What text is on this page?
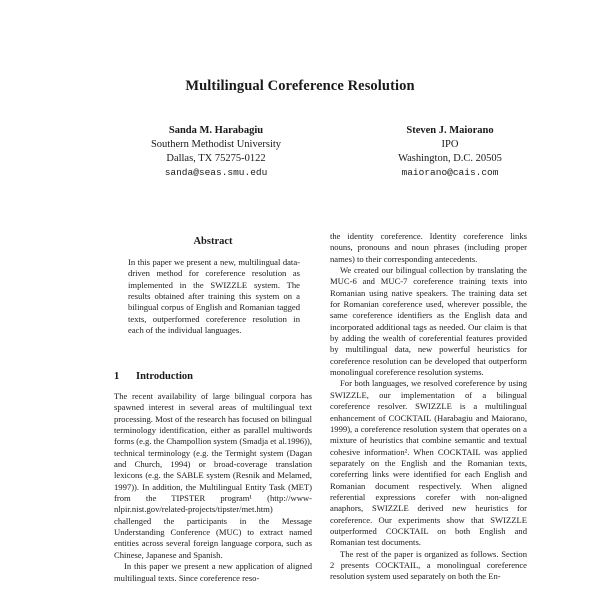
Multilingual Coreference Resolution
Sanda M. Harabagiu
Southern Methodist University
Dallas, TX 75275-0122
sanda@seas.smu.edu
Steven J. Maiorano
IPO
Washington, D.C. 20505
maiorano@cais.com
Abstract
In this paper we present a new, multilingual data-driven method for coreference resolution as implemented in the SWIZZLE system. The results obtained after training this system on a bilingual corpus of English and Romanian tagged texts, outperformed coreference resolution in each of the individual languages.
1 Introduction

The recent availability of large bilingual corpora has spawned interest in several areas of multilingual text processing. Most of the research has focused on bilingual terminology identification, either as parallel multiwords forms (e.g. the Champollion system (Smadja et al.1996)), technical terminology (e.g. the Termight system (Dagan and Church, 1994) or broad-coverage translation lexicons (e.g. the SABLE system (Resnik and Melamed, 1997)). In addition, the Multilingual Entity Task (MET) from the TIPSTER program¹ (http://www-nlpir.nist.gov/related-projects/tipster/met.htm) challenged the participants in the Message Understanding Conference (MUC) to extract named entities across several foreign language corpora, such as Chinese, Japanese and Spanish.

In this paper we present a new application of aligned multilingual texts. Since coreference reso-

the identity coreference. Identity coreference links nouns, pronouns and noun phrases (including proper names) to their corresponding antecedents.

We created our bilingual collection by translating the MUC-6 and MUC-7 coreference training texts into Romanian using native speakers. The training data set for Romanian coreference used, wherever possible, the same coreference identifiers as the English data and incorporated additional tags as needed. Our claim is that by adding the wealth of coreferential features provided by multilingual data, new powerful heuristics for coreference resolution can be developed that outperform monolingual coreference resolution systems.

For both languages, we resolved coreference by using SWIZZLE, our implementation of a bilingual coreference resolver. SWIZZLE is a multilingual enhancement of COCKTAIL (Harabagiu and Maiorano, 1999), a coreference resolution system that operates on a mixture of heuristics that combine semantic and textual cohesive information². When COCKTAIL was applied separately on the English and the Romanian texts, coreferring links were identified for each English and Romanian document respectively. When aligned referential expressions corefer with non-aligned anaphors, SWIZZLE derived new heuristics for coreference. Our experiments show that SWIZZLE outperformed COCKTAIL on both English and Romanian test documents.

The rest of the paper is organized as follows. Section 2 presents COCKTAIL, a monolingual coreference resolution system used separately on both the En-
